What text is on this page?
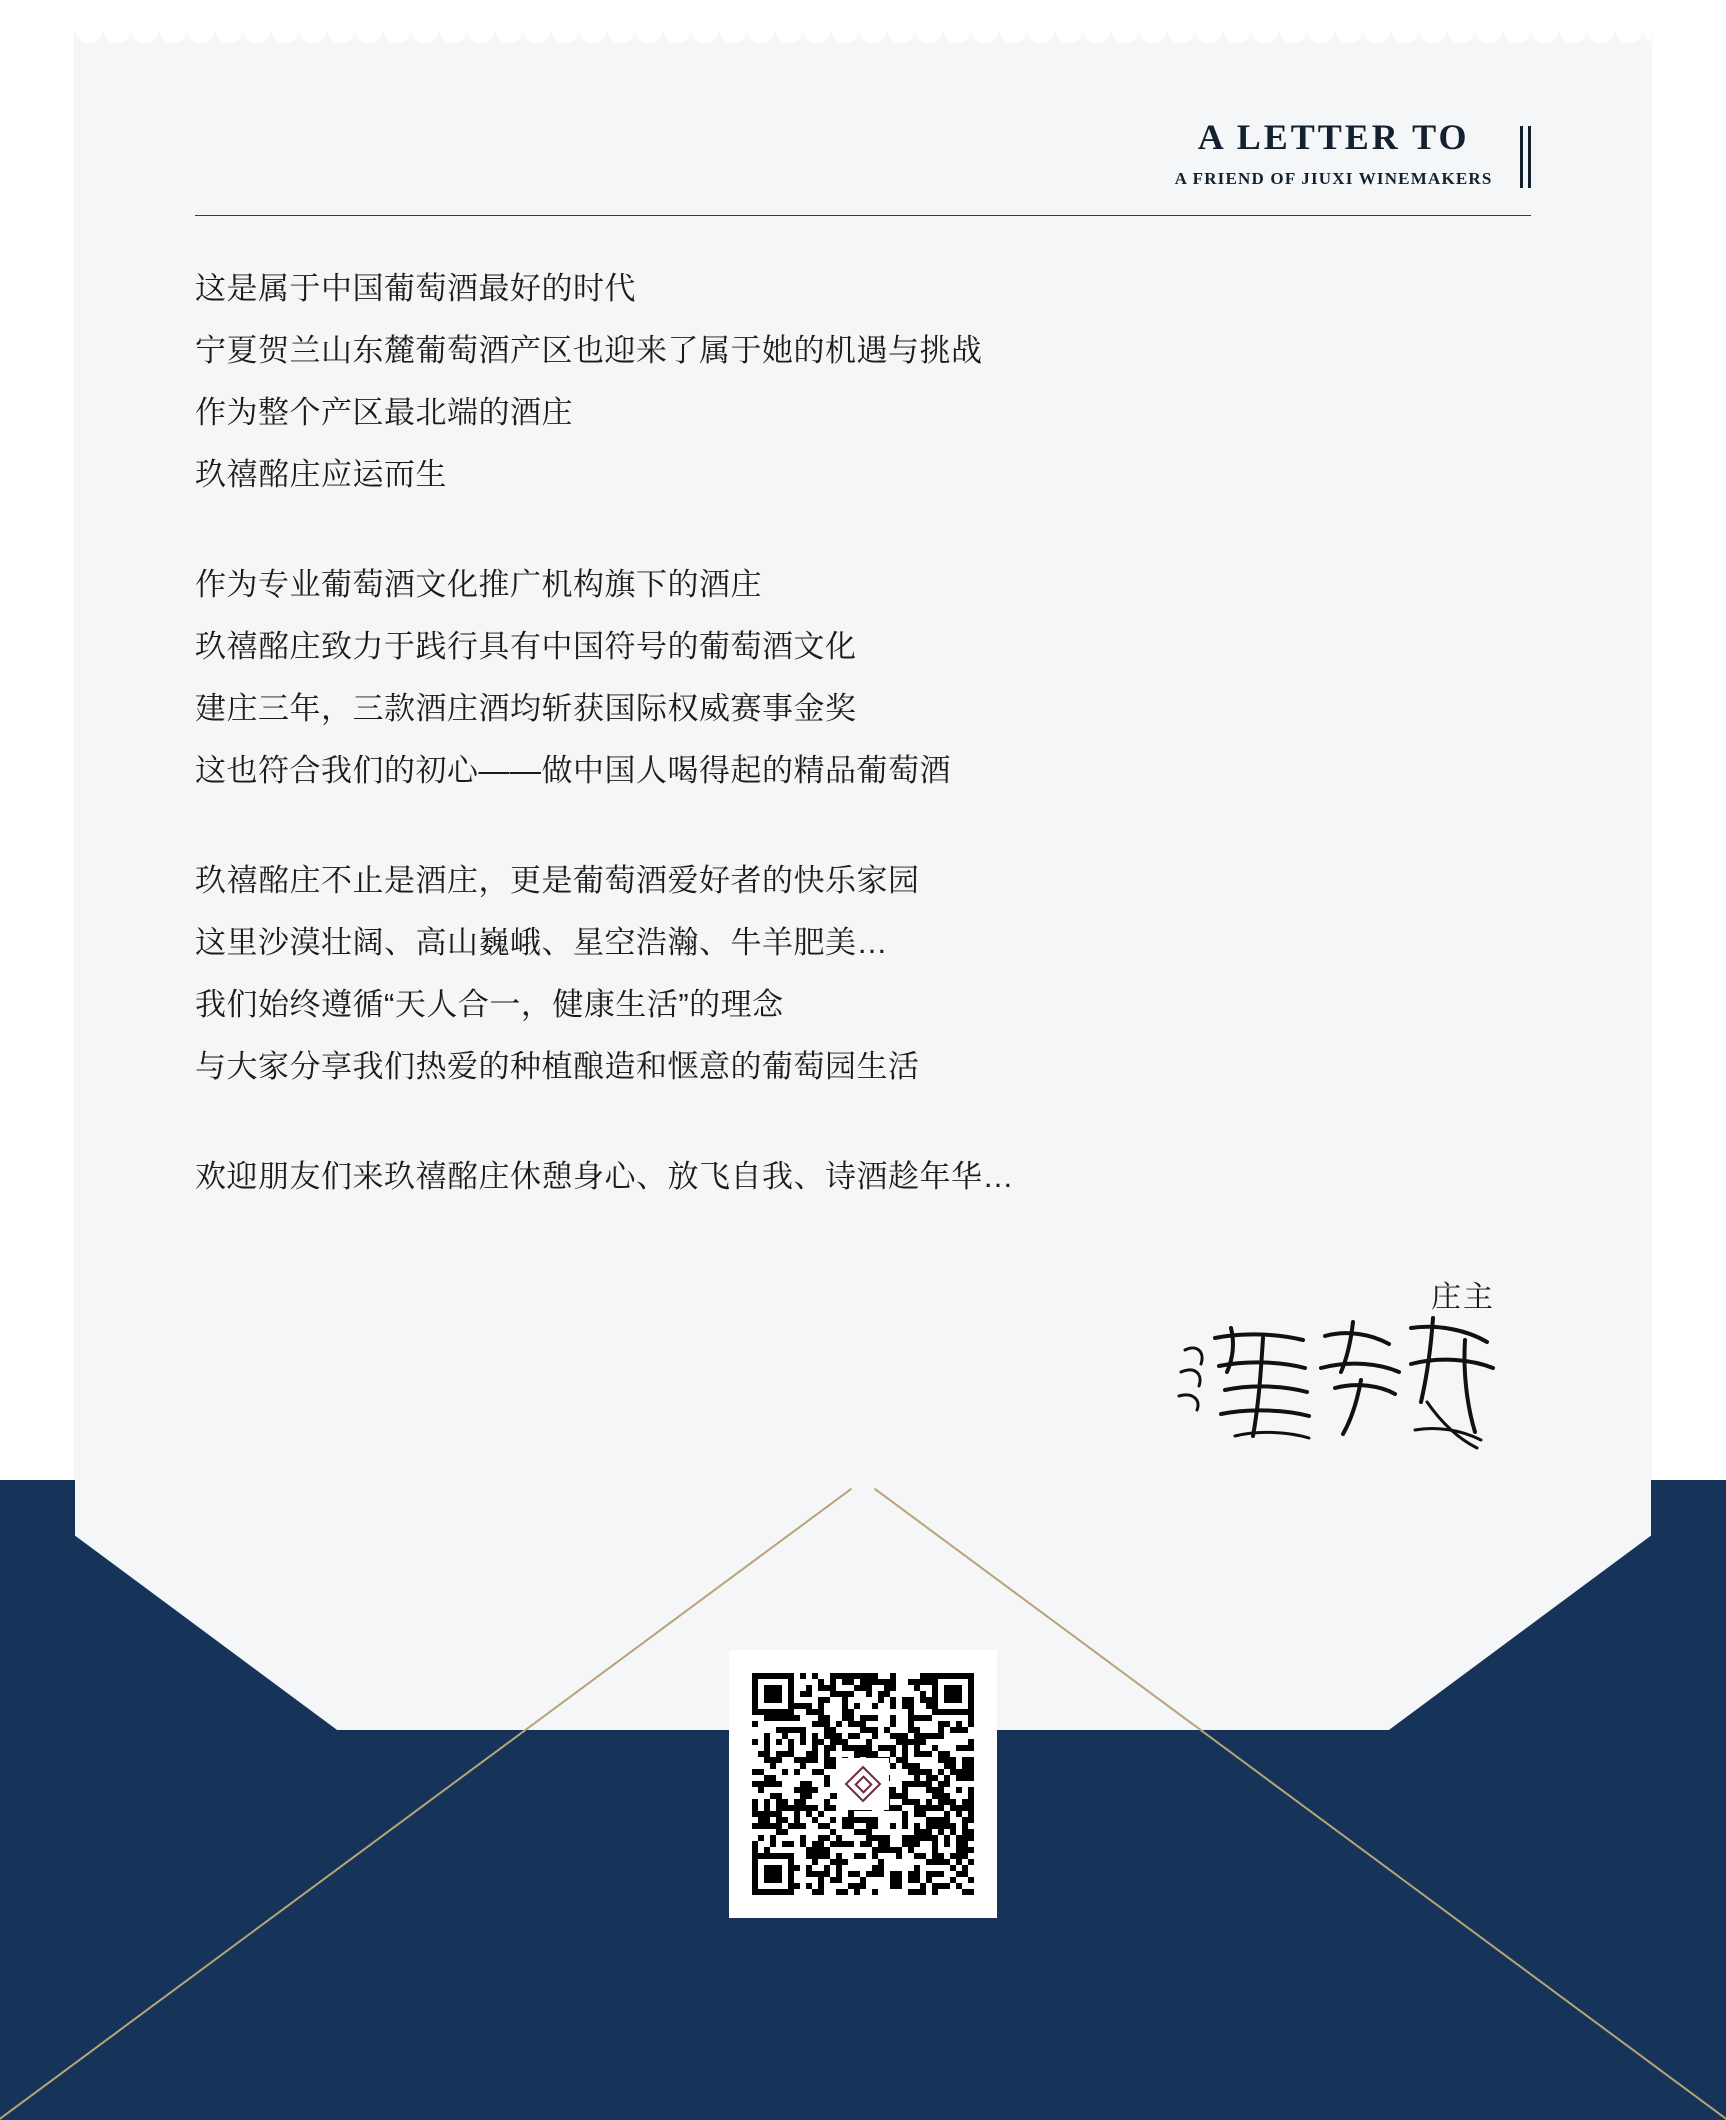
A LETTER TO
A FRIEND OF JIUXI WINEMAKERS

这是属于中国葡萄酒最好的时代
宁夏贺兰山东麓葡萄酒产区也迎来了属于她的机遇与挑战
作为整个产区最北端的酒庄
玖禧酩庄应运而生

作为专业葡萄酒文化推广机构旗下的酒庄
玖禧酩庄致力于践行具有中国符号的葡萄酒文化
建庄三年，三款酒庄酒均斩获国际权威赛事金奖
这也符合我们的初心——做中国人喝得起的精品葡萄酒

玖禧酩庄不止是酒庄，更是葡萄酒爱好者的快乐家园
这里沙漠壮阔、高山巍峨、星空浩瀚、牛羊肥美…
我们始终遵循“天人合一，健康生活”的理念
与大家分享我们热爱的种植酿造和惬意的葡萄园生活

欢迎朋友们来玖禧酩庄休憩身心、放飞自我、诗酒趁年华…

庄主
